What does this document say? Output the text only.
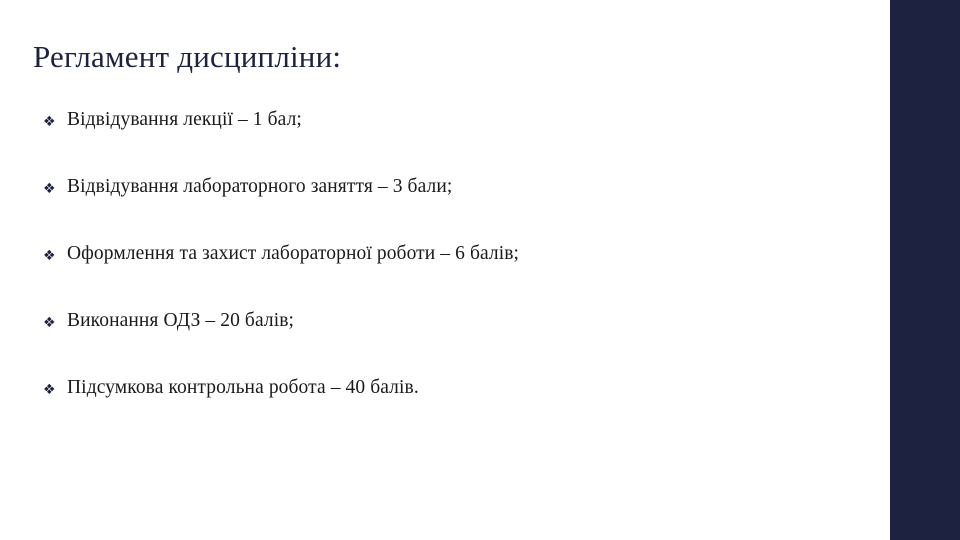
Регламент дисципліни:
❖ Відвідування лекції – 1 бал;
❖ Відвідування лабораторного заняття – 3 бали;
❖ Оформлення та захист лабораторної роботи – 6 балів;
❖ Виконання ОДЗ – 20 балів;
❖ Підсумкова контрольна робота – 40 балів.
